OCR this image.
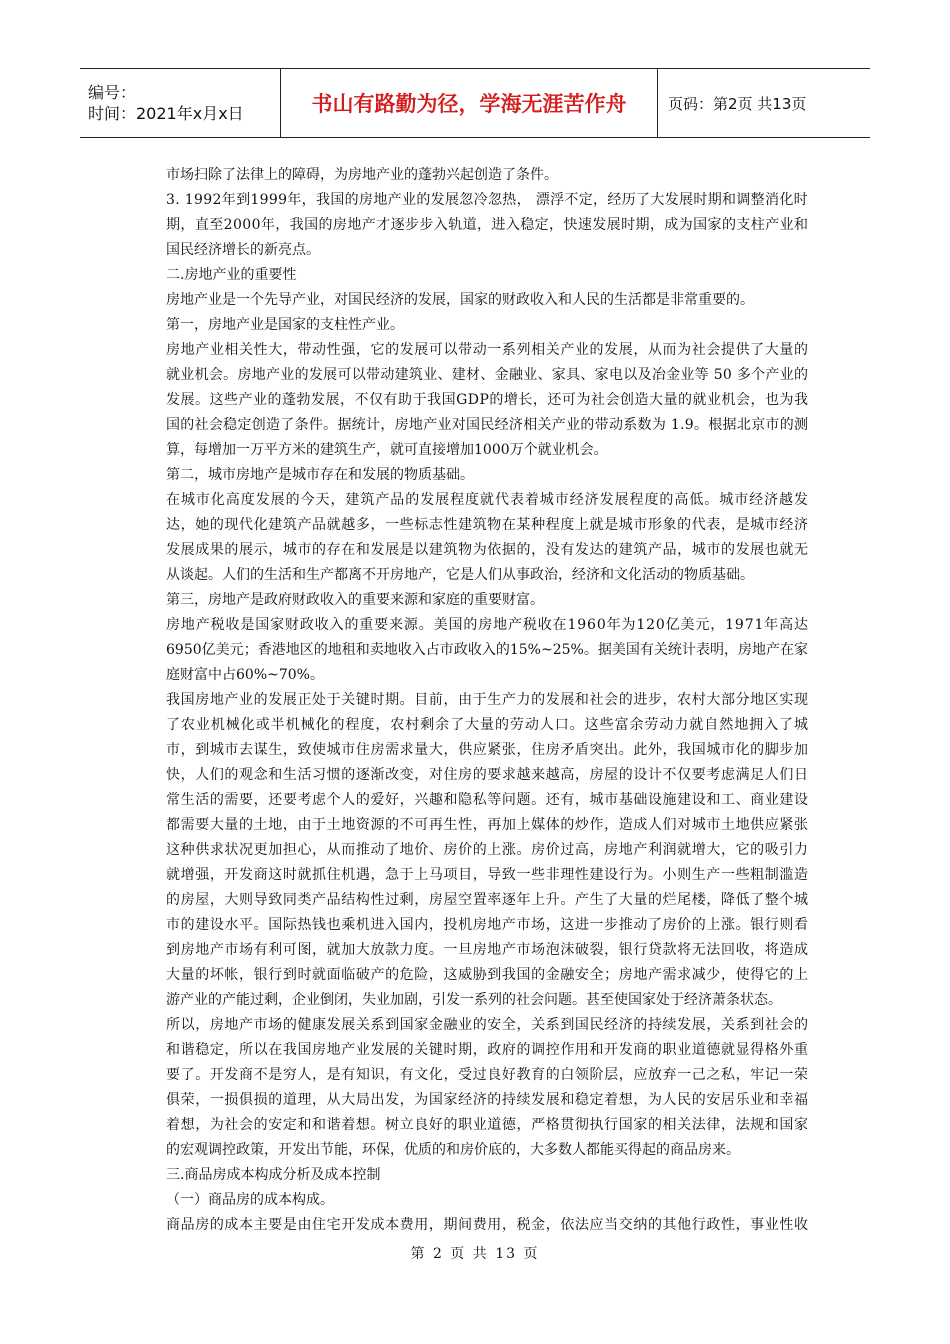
编号：
时间：2021年x月x日	书山有路勤为径，学海无涯苦作舟	页码：第2页 共13页
市场扫除了法律上的障碍，为房地产业的蓬勃兴起创造了条件。
3. 1992年到1999年，我国的房地产业的发展忽冷忽热， 漂浮不定，经历了大发展时期和调整消化时
期，直至2000年，我国的房地产才逐步步入轨道，进入稳定，快速发展时期，成为国家的支柱产业和
国民经济增长的新亮点。
二.房地产业的重要性
房地产业是一个先导产业，对国民经济的发展，国家的财政收入和人民的生活都是非常重要的。
第一，房地产业是国家的支柱性产业。
房地产业相关性大，带动性强，它的发展可以带动一系列相关产业的发展，从而为社会提供了大量的
就业机会。房地产业的发展可以带动建筑业、建材、金融业、家具、家电以及冶金业等 50 多个产业的
发展。这些产业的蓬勃发展，不仅有助于我国GDP的增长，还可为社会创造大量的就业机会，也为我
国的社会稳定创造了条件。据统计，房地产业对国民经济相关产业的带动系数为 1.9。根据北京市的测
算，每增加一万平方米的建筑生产，就可直接增加1000万个就业机会。
第二，城市房地产是城市存在和发展的物质基础。
在城市化高度发展的今天，建筑产品的发展程度就代表着城市经济发展程度的高低。城市经济越发
达，她的现代化建筑产品就越多，一些标志性建筑物在某种程度上就是城市形象的代表，是城市经济
发展成果的展示，城市的存在和发展是以建筑物为依据的，没有发达的建筑产品，城市的发展也就无
从谈起。人们的生活和生产都离不开房地产，它是人们从事政治，经济和文化活动的物质基础。
第三，房地产是政府财政收入的重要来源和家庭的重要财富。
房地产税收是国家财政收入的重要来源。美国的房地产税收在1960年为120亿美元，1971年高达
6950亿美元；香港地区的地租和卖地收入占市政收入的15%~25%。据美国有关统计表明，房地产在家
庭财富中占60%~70%。
我国房地产业的发展正处于关键时期。目前，由于生产力的发展和社会的进步，农村大部分地区实现
了农业机械化或半机械化的程度，农村剩余了大量的劳动人口。这些富余劳动力就自然地拥入了城
市，到城市去谋生，致使城市住房需求量大，供应紧张，住房矛盾突出。此外，我国城市化的脚步加
快，人们的观念和生活习惯的逐渐改变，对住房的要求越来越高，房屋的设计不仅要考虑满足人们日
常生活的需要，还要考虑个人的爱好，兴趣和隐私等问题。还有，城市基础设施建设和工、商业建设
都需要大量的土地，由于土地资源的不可再生性，再加上媒体的炒作，造成人们对城市土地供应紧张
这种供求状况更加担心，从而推动了地价、房价的上涨。房价过高，房地产利润就增大，它的吸引力
就增强，开发商这时就抓住机遇，急于上马项目，导致一些非理性建设行为。小则生产一些粗制滥造
的房屋，大则导致同类产品结构性过剩，房屋空置率逐年上升。产生了大量的烂尾楼，降低了整个城
市的建设水平。国际热钱也乘机进入国内，投机房地产市场，这进一步推动了房价的上涨。银行则看
到房地产市场有利可图，就加大放款力度。一旦房地产市场泡沫破裂，银行贷款将无法回收，将造成
大量的坏帐，银行到时就面临破产的危险，这威胁到我国的金融安全；房地产需求减少，使得它的上
游产业的产能过剩，企业倒闭，失业加剧，引发一系列的社会问题。甚至使国家处于经济萧条状态。
所以，房地产市场的健康发展关系到国家金融业的安全，关系到国民经济的持续发展，关系到社会的
和谐稳定，所以在我国房地产业发展的关键时期，政府的调控作用和开发商的职业道德就显得格外重
要了。开发商不是穷人，是有知识，有文化，受过良好教育的白领阶层，应放弃一己之私，牢记一荣
俱荣，一损俱损的道理，从大局出发，为国家经济的持续发展和稳定着想，为人民的安居乐业和幸福
着想，为社会的安定和和谐着想。树立良好的职业道德，严格贯彻执行国家的相关法律，法规和国家
的宏观调控政策，开发出节能，环保，优质的和房价底的，大多数人都能买得起的商品房来。
三.商品房成本构成分析及成本控制
（一）商品房的成本构成。
商品房的成本主要是由住宅开发成本费用，期间费用，税金，依法应当交纳的其他行政性，事业性收
第 2 页 共 13 页
